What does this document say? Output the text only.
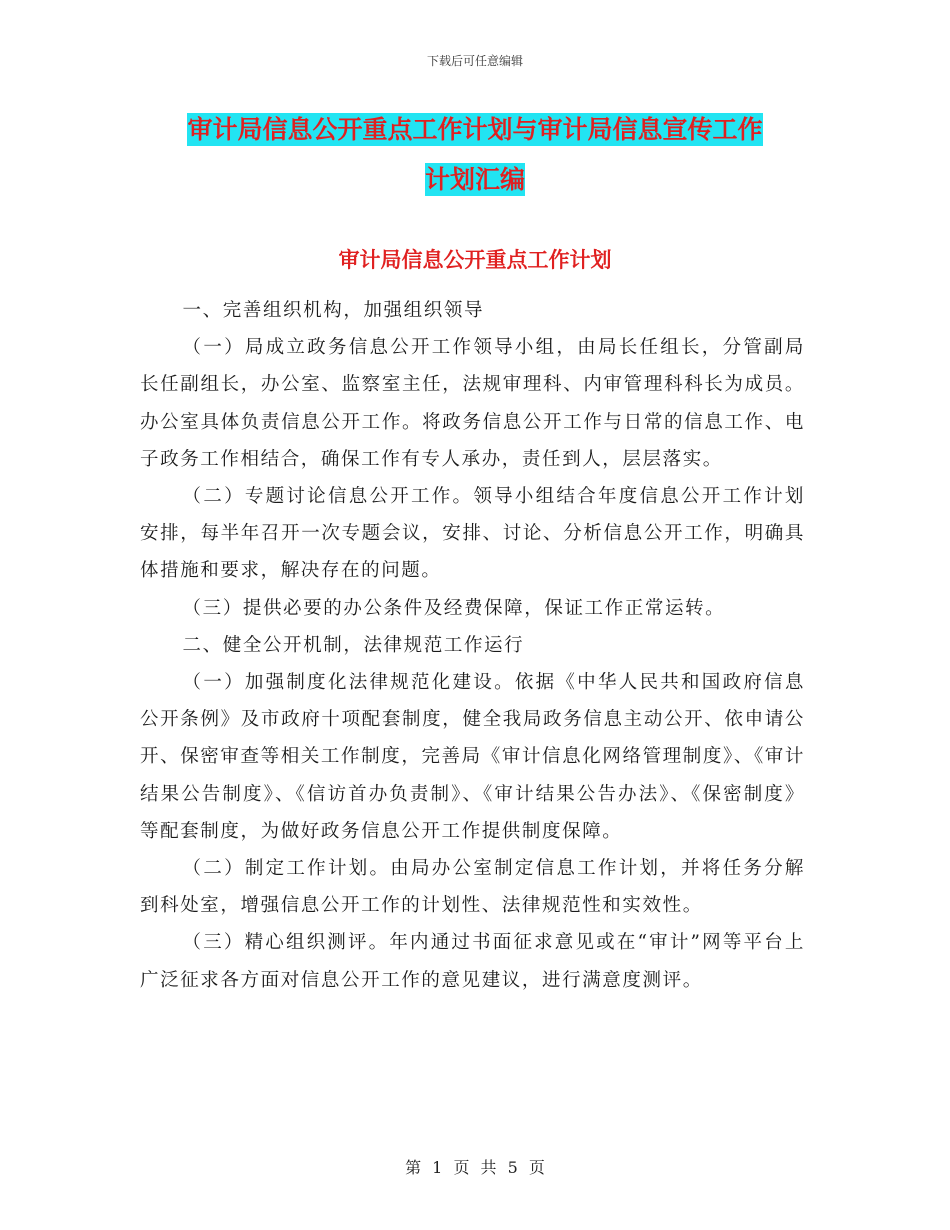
下载后可任意编辑
审计局信息公开重点工作计划与审计局信息宣传工作
计划汇编
审计局信息公开重点工作计划

一、完善组织机构，加强组织领导

（一）局成立政务信息公开工作领导小组，由局长任组长，分管副局长任副组长，办公室、监察室主任，法规审理科、内审管理科科长为成员。办公室具体负责信息公开工作。将政务信息公开工作与日常的信息工作、电子政务工作相结合，确保工作有专人承办，责任到人，层层落实。

（二）专题讨论信息公开工作。领导小组结合年度信息公开工作计划安排，每半年召开一次专题会议，安排、讨论、分析信息公开工作，明确具体措施和要求，解决存在的问题。

（三）提供必要的办公条件及经费保障，保证工作正常运转。

二、健全公开机制，法律规范工作运行

（一）加强制度化法律规范化建设。依据《中华人民共和国政府信息公开条例》及市政府十项配套制度，健全我局政务信息主动公开、依申请公开、保密审查等相关工作制度，完善局《审计信息化网络管理制度》、《审计结果公告制度》、《信访首办负责制》、《审计结果公告办法》、《保密制度》等配套制度，为做好政务信息公开工作提供制度保障。

（二）制定工作计划。由局办公室制定信息工作计划，并将任务分解到科处室，增强信息公开工作的计划性、法律规范性和实效性。

（三）精心组织测评。年内通过书面征求意见或在“审计”网等平台上广泛征求各方面对信息公开工作的意见建议，进行满意度测评。

第 1 页 共 5 页
